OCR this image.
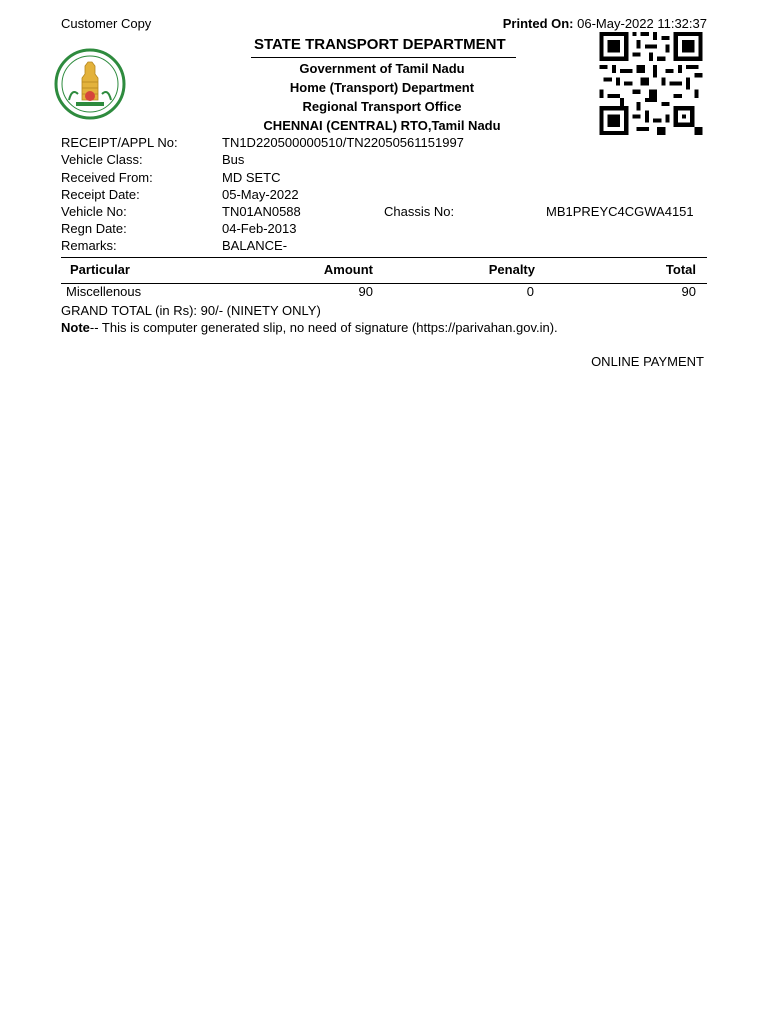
Customer Copy	Printed On: 06-May-2022 11:32:37
STATE TRANSPORT DEPARTMENT
Government of Tamil Nadu
Home (Transport) Department
Regional Transport Office
CHENNAI (CENTRAL) RTO,Tamil Nadu
RECEIPT/APPL No:	TN1D220500000510/TN22050561151997
Vehicle Class:	Bus
Received From:	MD SETC
Receipt Date:	05-May-2022
Vehicle No:	TN01AN0588	Chassis No:	MB1PREYC4CGWA4151
Regn Date:	04-Feb-2013
Remarks:	BALANCE-
Particular	Amount	Penalty	Total
Miscellenous	90	0	90
GRAND TOTAL (in Rs): 90/- (NINETY ONLY)
Note-- This is computer generated slip, no need of signature (https://parivahan.gov.in).
ONLINE PAYMENT
